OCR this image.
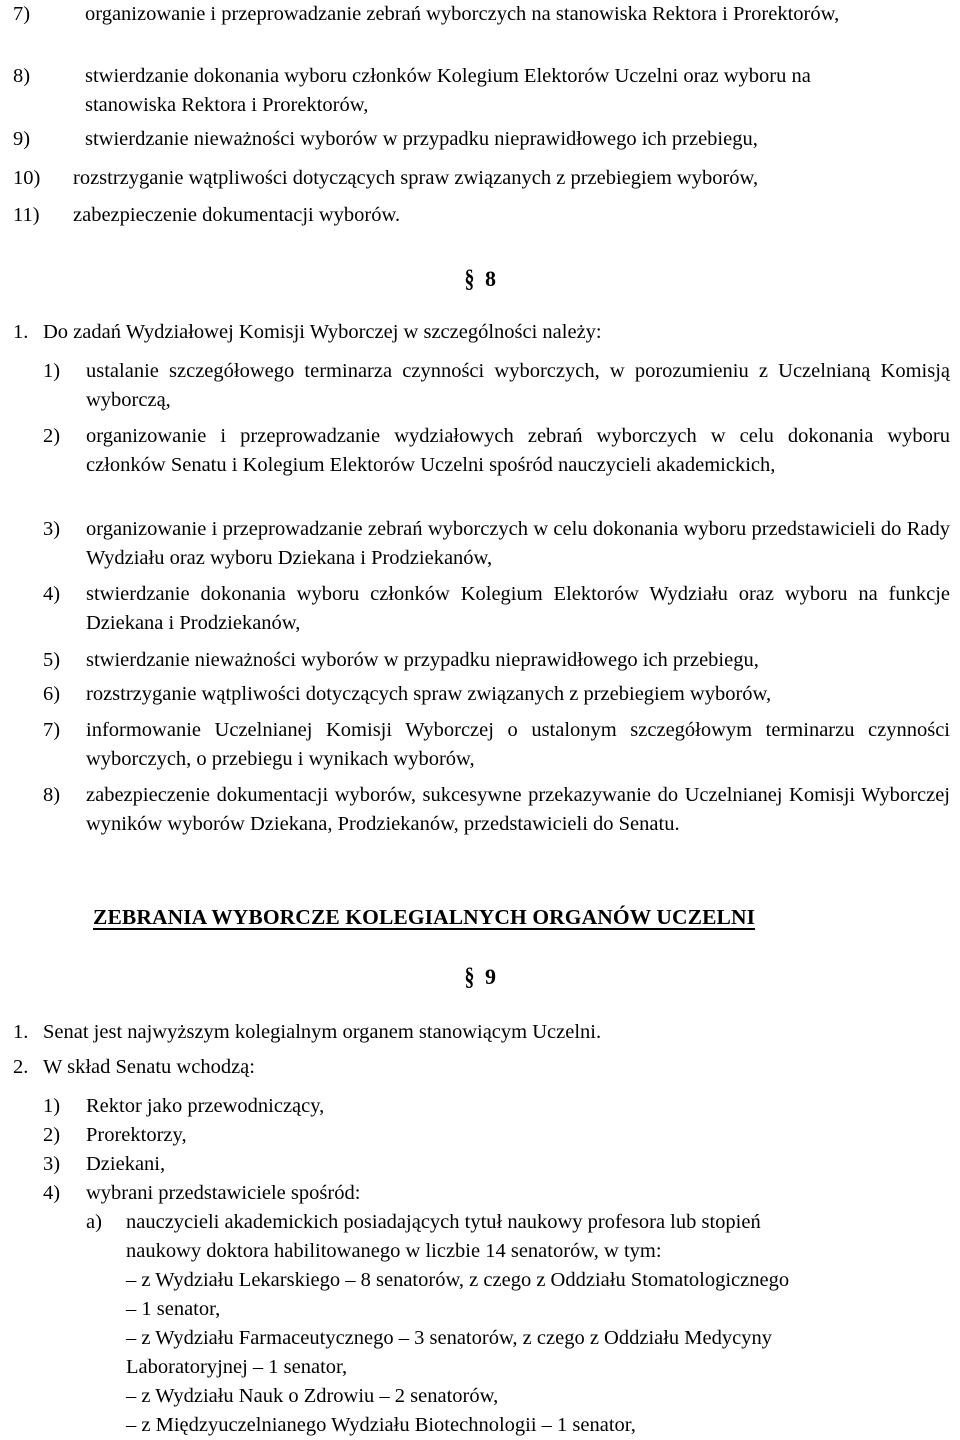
7)	organizowanie i przeprowadzanie zebrań wyborczych na stanowiska Rektora i Prorektorów,
8)	stwierdzanie dokonania wyboru członków Kolegium Elektorów Uczelni oraz wyboru na stanowiska Rektora i Prorektorów,
9)	stwierdzanie nieważności wyborów w przypadku nieprawidłowego ich przebiegu,
10) rozstrzyganie wątpliwości dotyczących spraw związanych z przebiegiem wyborów,
11) zabezpieczenie dokumentacji wyborów.
§ 8
1. Do zadań Wydziałowej Komisji Wyborczej w szczególności należy:
1) ustalanie szczegółowego terminarza czynności wyborczych, w porozumieniu z Uczelnianą Komisją wyborczą,
2) organizowanie i przeprowadzanie wydziałowych zebrań wyborczych w celu dokonania wyboru członków Senatu i Kolegium Elektorów Uczelni spośród nauczycieli akademickich,
3) organizowanie i przeprowadzanie zebrań wyborczych w celu dokonania wyboru przedstawicieli do Rady Wydziału oraz wyboru Dziekana i Prodziekanów,
4) stwierdzanie dokonania wyboru członków Kolegium Elektorów Wydziału oraz wyboru na funkcje Dziekana i Prodziekanów,
5) stwierdzanie nieważności wyborów w przypadku nieprawidłowego ich przebiegu,
6) rozstrzyganie wątpliwości dotyczących spraw związanych z przebiegiem wyborów,
7) informowanie Uczelnianej Komisji Wyborczej o ustalonym szczegółowym terminarzu czynności wyborczych, o przebiegu i wynikach wyborów,
8) zabezpieczenie dokumentacji wyborów, sukcesywne przekazywanie do Uczelnianej Komisji Wyborczej wyników wyborów Dziekana, Prodziekanów, przedstawicieli do Senatu.
ZEBRANIA WYBORCZE KOLEGIALNYCH ORGANÓW UCZELNI
§ 9
1. Senat jest najwyższym kolegialnym organem stanowiącym Uczelni.
2. W skład Senatu wchodzą:
1) Rektor jako przewodniczący,
2) Prorektorzy,
3) Dziekani,
4) wybrani przedstawiciele spośród:
a) nauczycieli akademickich posiadających tytuł naukowy profesora lub stopień
naukowy doktora habilitowanego w liczbie 14 senatorów, w tym:
– z Wydziału Lekarskiego – 8 senatorów, z czego z Oddziału Stomatologicznego
– 1 senator,
– z Wydziału Farmaceutycznego – 3 senatorów, z czego z Oddziału Medycyny
Laboratoryjnej – 1 senator,
– z Wydziału Nauk o Zdrowiu – 2 senatorów,
– z Międzyuczelnianego Wydziału Biotechnologii – 1 senator,
